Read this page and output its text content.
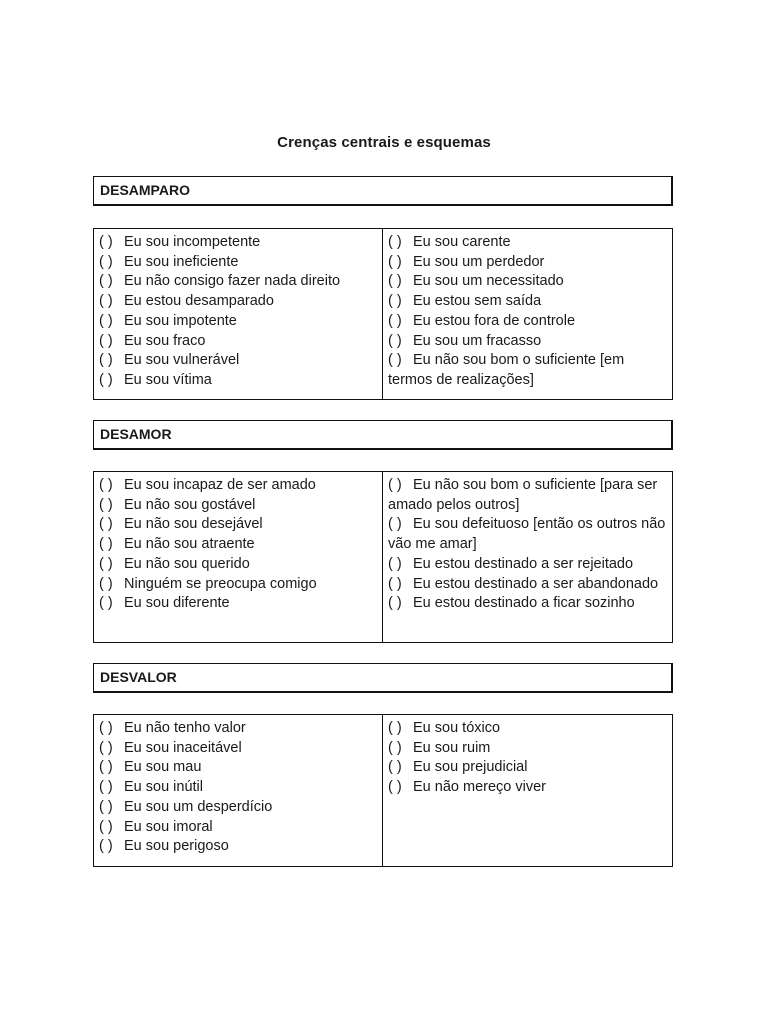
Crenças centrais e esquemas
DESAMPARO
( ) Eu sou incompetente
( ) Eu sou ineficiente
( ) Eu não consigo fazer nada direito
( ) Eu estou desamparado
( ) Eu sou impotente
( ) Eu sou fraco
( ) Eu sou vulnerável
( ) Eu sou vítima
( ) Eu sou carente
( ) Eu sou um perdedor
( ) Eu sou um necessitado
( ) Eu estou sem saída
( ) Eu estou fora de controle
( ) Eu sou um fracasso
( ) Eu não sou bom o suficiente [em termos de realizações]
DESAMOR
( ) Eu sou incapaz de ser amado
( ) Eu não sou gostável
( ) Eu não sou desejável
( ) Eu não sou atraente
( ) Eu não sou querido
( ) Ninguém se preocupa comigo
( ) Eu sou diferente
( ) Eu não sou bom o suficiente [para ser amado pelos outros]
( ) Eu sou defeituoso [então os outros não vão me amar]
( ) Eu estou destinado a ser rejeitado
( ) Eu estou destinado a ser abandonado
( ) Eu estou destinado a ficar sozinho
DESVALOR
( ) Eu não tenho valor
( ) Eu sou inaceitável
( ) Eu sou mau
( ) Eu sou inútil
( ) Eu sou um desperdício
( ) Eu sou imoral
( ) Eu sou perigoso
( ) Eu sou tóxico
( ) Eu sou ruim
( ) Eu sou prejudicial
( ) Eu não mereço viver
